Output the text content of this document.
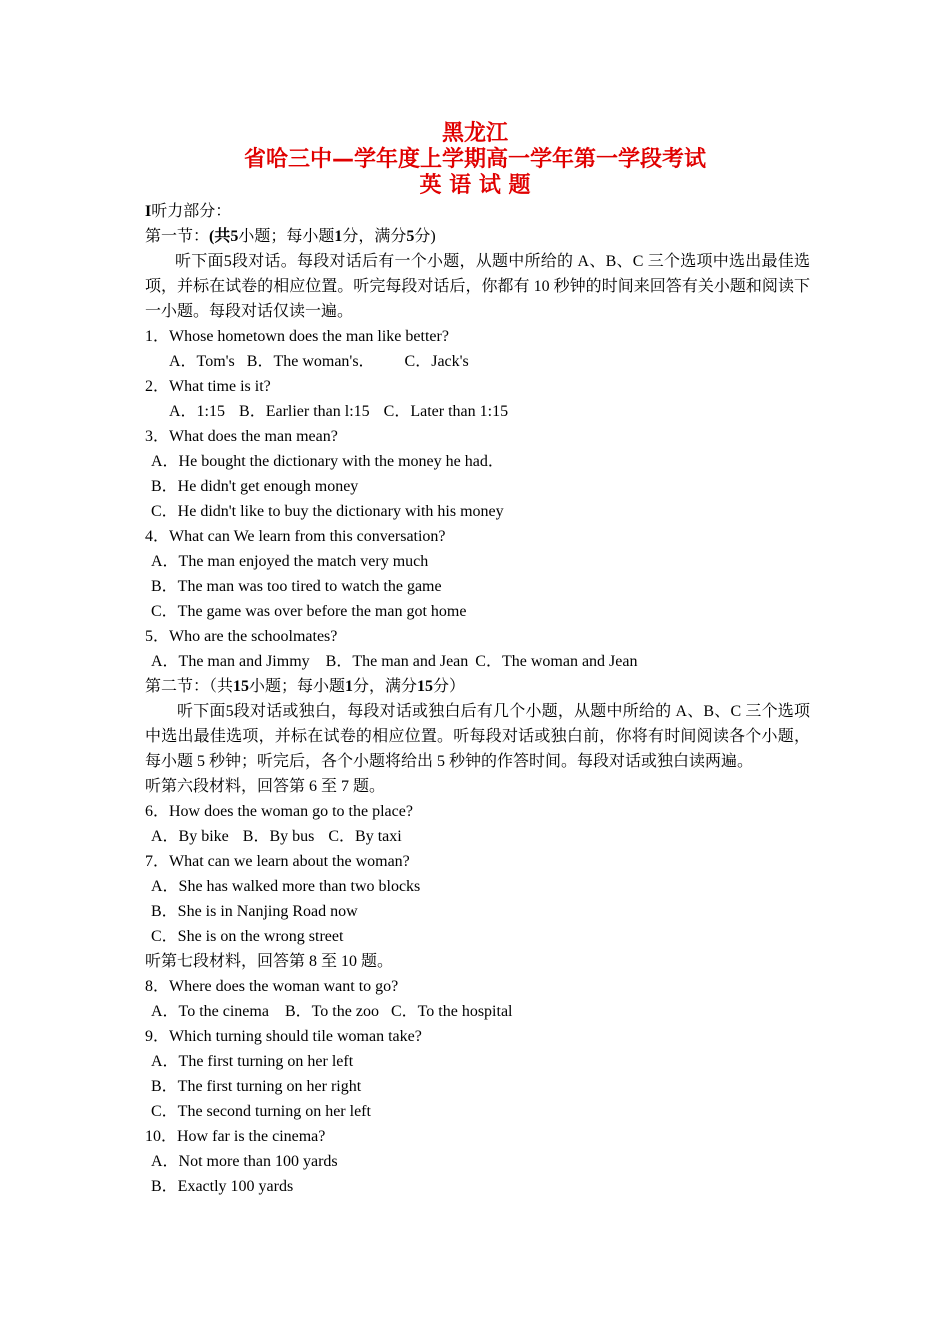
黑龙江
省哈三中—学年度上学期高一学年第一学段考试
英 语 试 题
I听力部分：
第一节：(共5小题；每小题1分，满分5分)
听下面5段对话。每段对话后有一个小题，从题中所给的 A、B、C 三个选项中选出最佳选项，并标在试卷的相应位置。听完每段对话后，你都有 10 秒钟的时间来回答有关小题和阅读下一小题。每段对话仅读一遍。
1．Whose hometown does the man like better?
A．Tom's B．The woman's． C．Jack's
2．What time is it?
A．1:15 B．Earlier than l:15 C．Later than 1:15
3．What does the man mean?
A．He bought the dictionary with the money he had．
B．He didn't get enough money
C．He didn't like to buy the dictionary with his money
4．What can We learn from this conversation?
A．The man enjoyed the match very much
B．The man was too tired to watch the game
C．The game was over before the man got home
5．Who are the schoolmates?
A．The man and Jimmy B．The man and Jean C．The woman and Jean
第二节：（共15小题；每小题1分，满分15分）
听下面5段对话或独白，每段对话或独白后有几个小题，从题中所给的 A、B、C 三个选项中选出最佳选项，并标在试卷的相应位置。听每段对话或独白前，你将有时间阅读各个小题，每小题 5 秒钟；听完后，各个小题将给出 5 秒钟的作答时间。每段对话或独白读两遍。
听第六段材料，回答第 6 至 7 题。
6．How does the woman go to the place?
A．By bike B．By bus C．By taxi
7．What can we learn about the woman?
A．She has walked more than two blocks
B．She is in Nanjing Road now
C．She is on the wrong street
听第七段材料，回答第 8 至 10 题。
8．Where does the woman want to go?
A．To the cinema B．To the zoo C．To the hospital
9．Which turning should tile woman take?
A．The first turning on her left
B．The first turning on her right
C．The second turning on her left
10．How far is the cinema?
A．Not more than 100 yards
B．Exactly 100 yards
